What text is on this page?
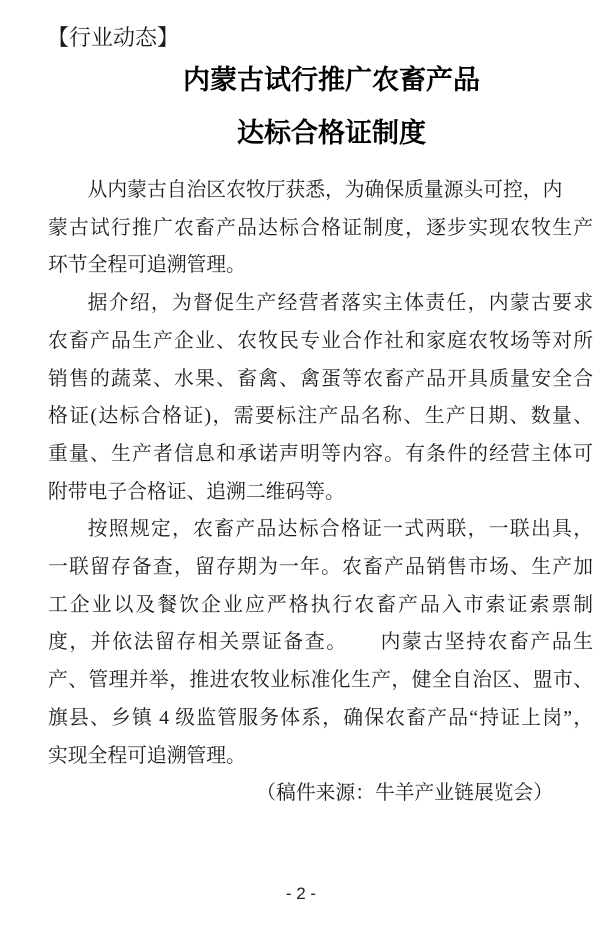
【行业动态】
内蒙古试行推广农畜产品
达标合格证制度
从内蒙古自治区农牧厅获悉，为确保质量源头可控，内
蒙古试行推广农畜产品达标合格证制度，逐步实现农牧生产
环节全程可追溯管理。
据介绍，为督促生产经营者落实主体责任，内蒙古要求
农畜产品生产企业、农牧民专业合作社和家庭农牧场等对所
销售的蔬菜、水果、畜禽、禽蛋等农畜产品开具质量安全合
格证(达标合格证)，需要标注产品名称、生产日期、数量、
重量、生产者信息和承诺声明等内容。有条件的经营主体可
附带电子合格证、追溯二维码等。
按照规定，农畜产品达标合格证一式两联，一联出具，
一联留存备查，留存期为一年。农畜产品销售市场、生产加
工企业以及餐饮企业应严格执行农畜产品入市索证索票制
度，并依法留存相关票证备查。　　内蒙古坚持农畜产品生
产、管理并举，推进农牧业标准化生产，健全自治区、盟市、
旗县、乡镇 4 级监管服务体系，确保农畜产品“持证上岗”，
实现全程可追溯管理。
（稿件来源：牛羊产业链展览会）
- 2 -
